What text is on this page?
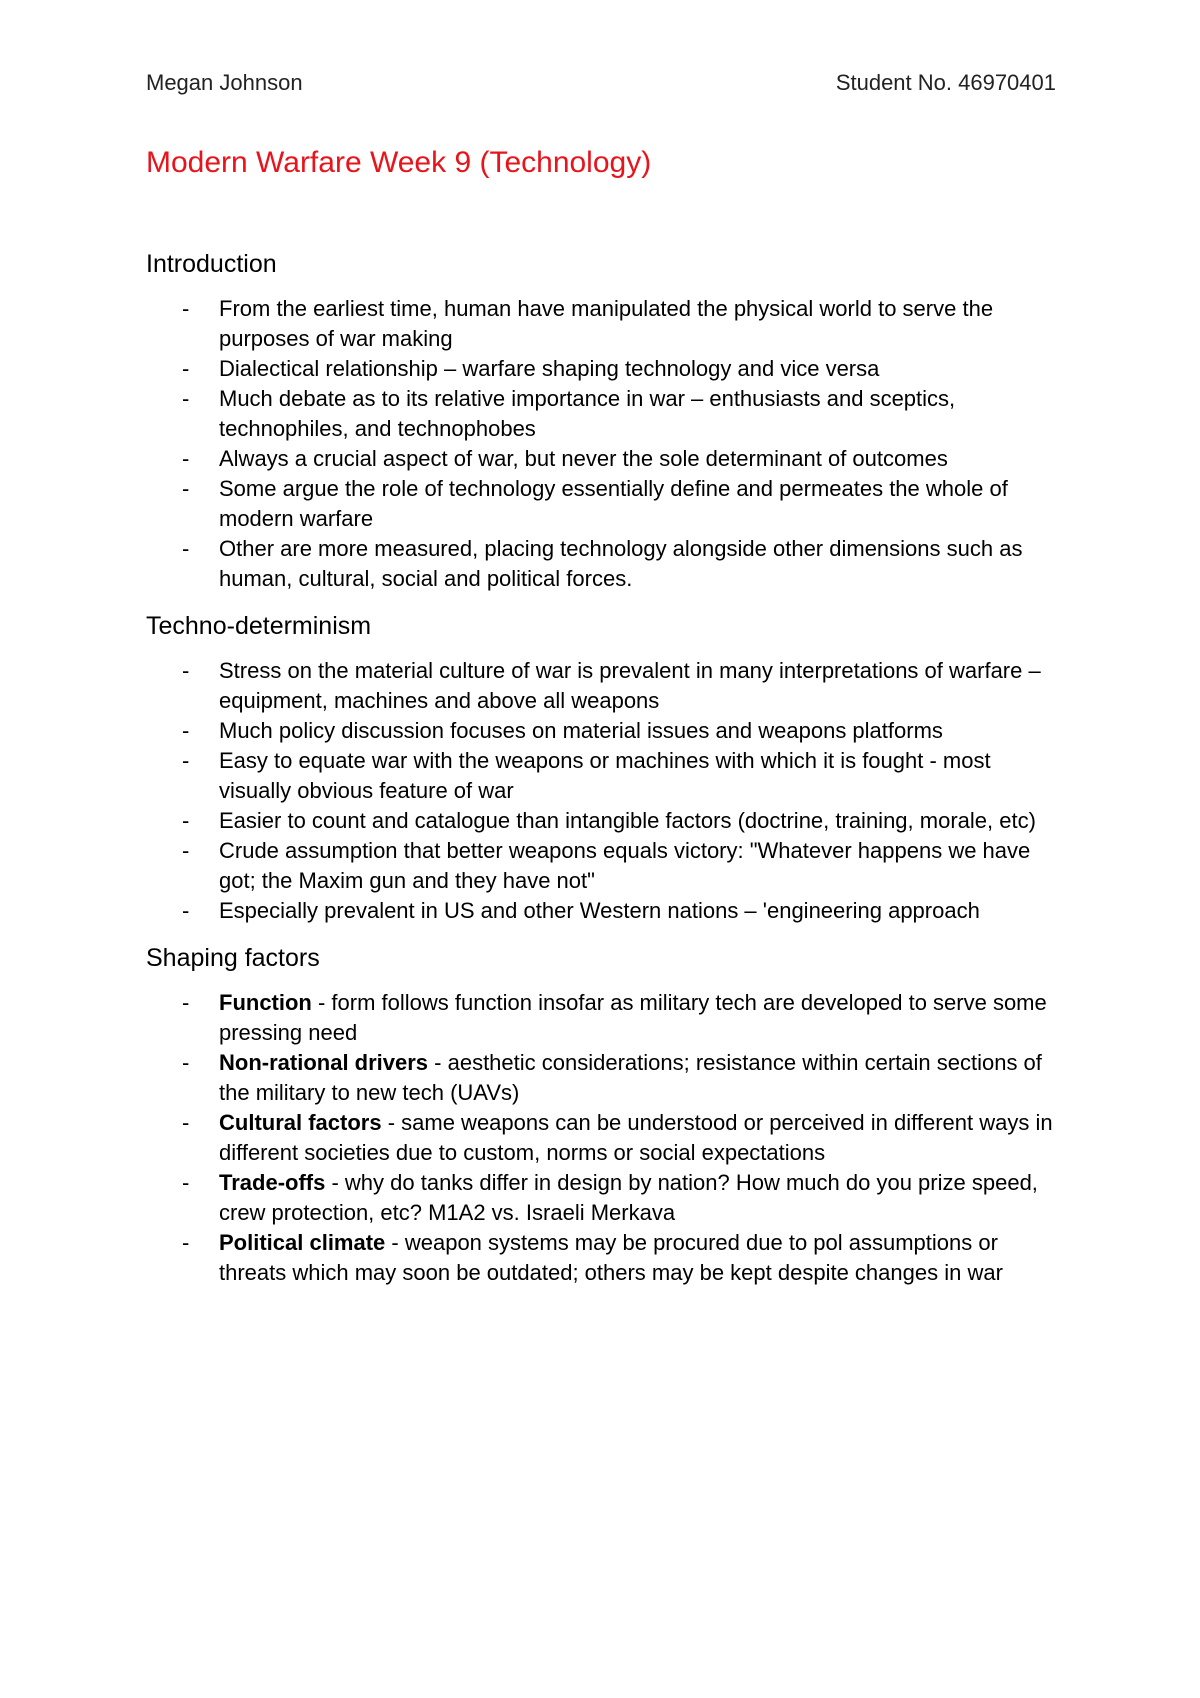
Megan Johnson	Student No. 46970401
Modern Warfare Week 9 (Technology)
Introduction
- From the earliest time, human have manipulated the physical world to serve the purposes of war making
- Dialectical relationship – warfare shaping technology and vice versa
- Much debate as to its relative importance in war – enthusiasts and sceptics, technophiles, and technophobes
- Always a crucial aspect of war, but never the sole determinant of outcomes
- Some argue the role of technology essentially define and permeates the whole of modern warfare
- Other are more measured, placing technology alongside other dimensions such as human, cultural, social and political forces.
Techno-determinism
- Stress on the material culture of war is prevalent in many interpretations of warfare – equipment, machines and above all weapons
- Much policy discussion focuses on material issues and weapons platforms
- Easy to equate war with the weapons or machines with which it is fought - most visually obvious feature of war
- Easier to count and catalogue than intangible factors (doctrine, training, morale, etc)
- Crude assumption that better weapons equals victory: "Whatever happens we have got; the Maxim gun and they have not"
- Especially prevalent in US and other Western nations – 'engineering approach
Shaping factors
- Function - form follows function insofar as military tech are developed to serve some pressing need
- Non-rational drivers - aesthetic considerations; resistance within certain sections of the military to new tech (UAVs)
- Cultural factors - same weapons can be understood or perceived in different ways in different societies due to custom, norms or social expectations
- Trade-offs - why do tanks differ in design by nation? How much do you prize speed, crew protection, etc? M1A2 vs. Israeli Merkava
- Political climate - weapon systems may be procured due to pol assumptions or threats which may soon be outdated; others may be kept despite changes in war
